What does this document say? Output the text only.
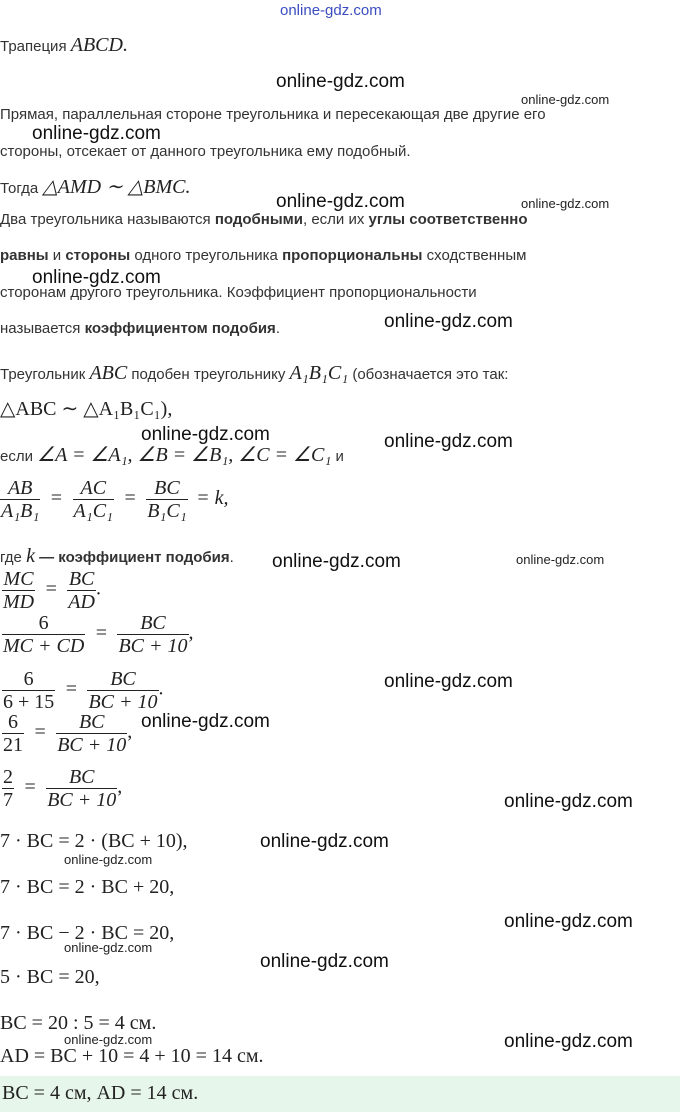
online-gdz.com
Трапеция ABCD.
Прямая, параллельная стороне треугольника и пересекающая две другие его
стороны, отсекает от данного треугольника ему подобный.
Тогда △AMD ∼ △BMC.
Два треугольника называются подобными, если их углы соответственно
равны и стороны одного треугольника пропорциональны сходственным
сторонам другого треугольника. Коэффициент пропорциональности
называется коэффициентом подобия.
Треугольник ABC подобен треугольнику A₁B₁C₁ (обозначается это так:
△ABC ∼ △A₁B₁C₁),
если ∠A = ∠A₁, ∠B = ∠B₁, ∠C = ∠C₁ и
$\frac{AB}{\text{A₁B₁}} = \frac{AC}{\text{A₁C₁}} = \frac{BC}{\text{B₁C₁}} = k$,
где k — коэффициент подобия.
$\frac{MC}{MD} = \frac{BC}{AD}$ .
$\frac{6}{MC + CD} = \frac{BC}{BC + 10}$ ,
$\frac{6}{6 + 15} = \frac{BC}{BC + 10}$ .
$\frac{6}{21} = \frac{BC}{BC + 10}$ ,
$\frac{2}{7} = \frac{BC}{BC + 10}$ ,
7 · BC = 2 · (BC + 10),
7 · BC = 2 · BC + 20,
7 · BC − 2 · BC = 20,
5 · BC = 20,
BC = 20 : 5 = 4 см.
AD = BC + 10 = 4 + 10 = 14 см.
BC = 4 см, AD = 14 см.
online-gdz.com
online-gdz.com
online-gdz.com
online-gdz.com	online-gdz.com
online-gdz.com
online-gdz.com
online-gdz.com	online-gdz.com
online-gdz.com	online-gdz.com
online-gdz.com
online-gdz.com
online-gdz.com
online-gdz.com
online-gdz.com
online-gdz.com
online-gdz.com
online-gdz.com
online-gdz.com	online-gdz.com
